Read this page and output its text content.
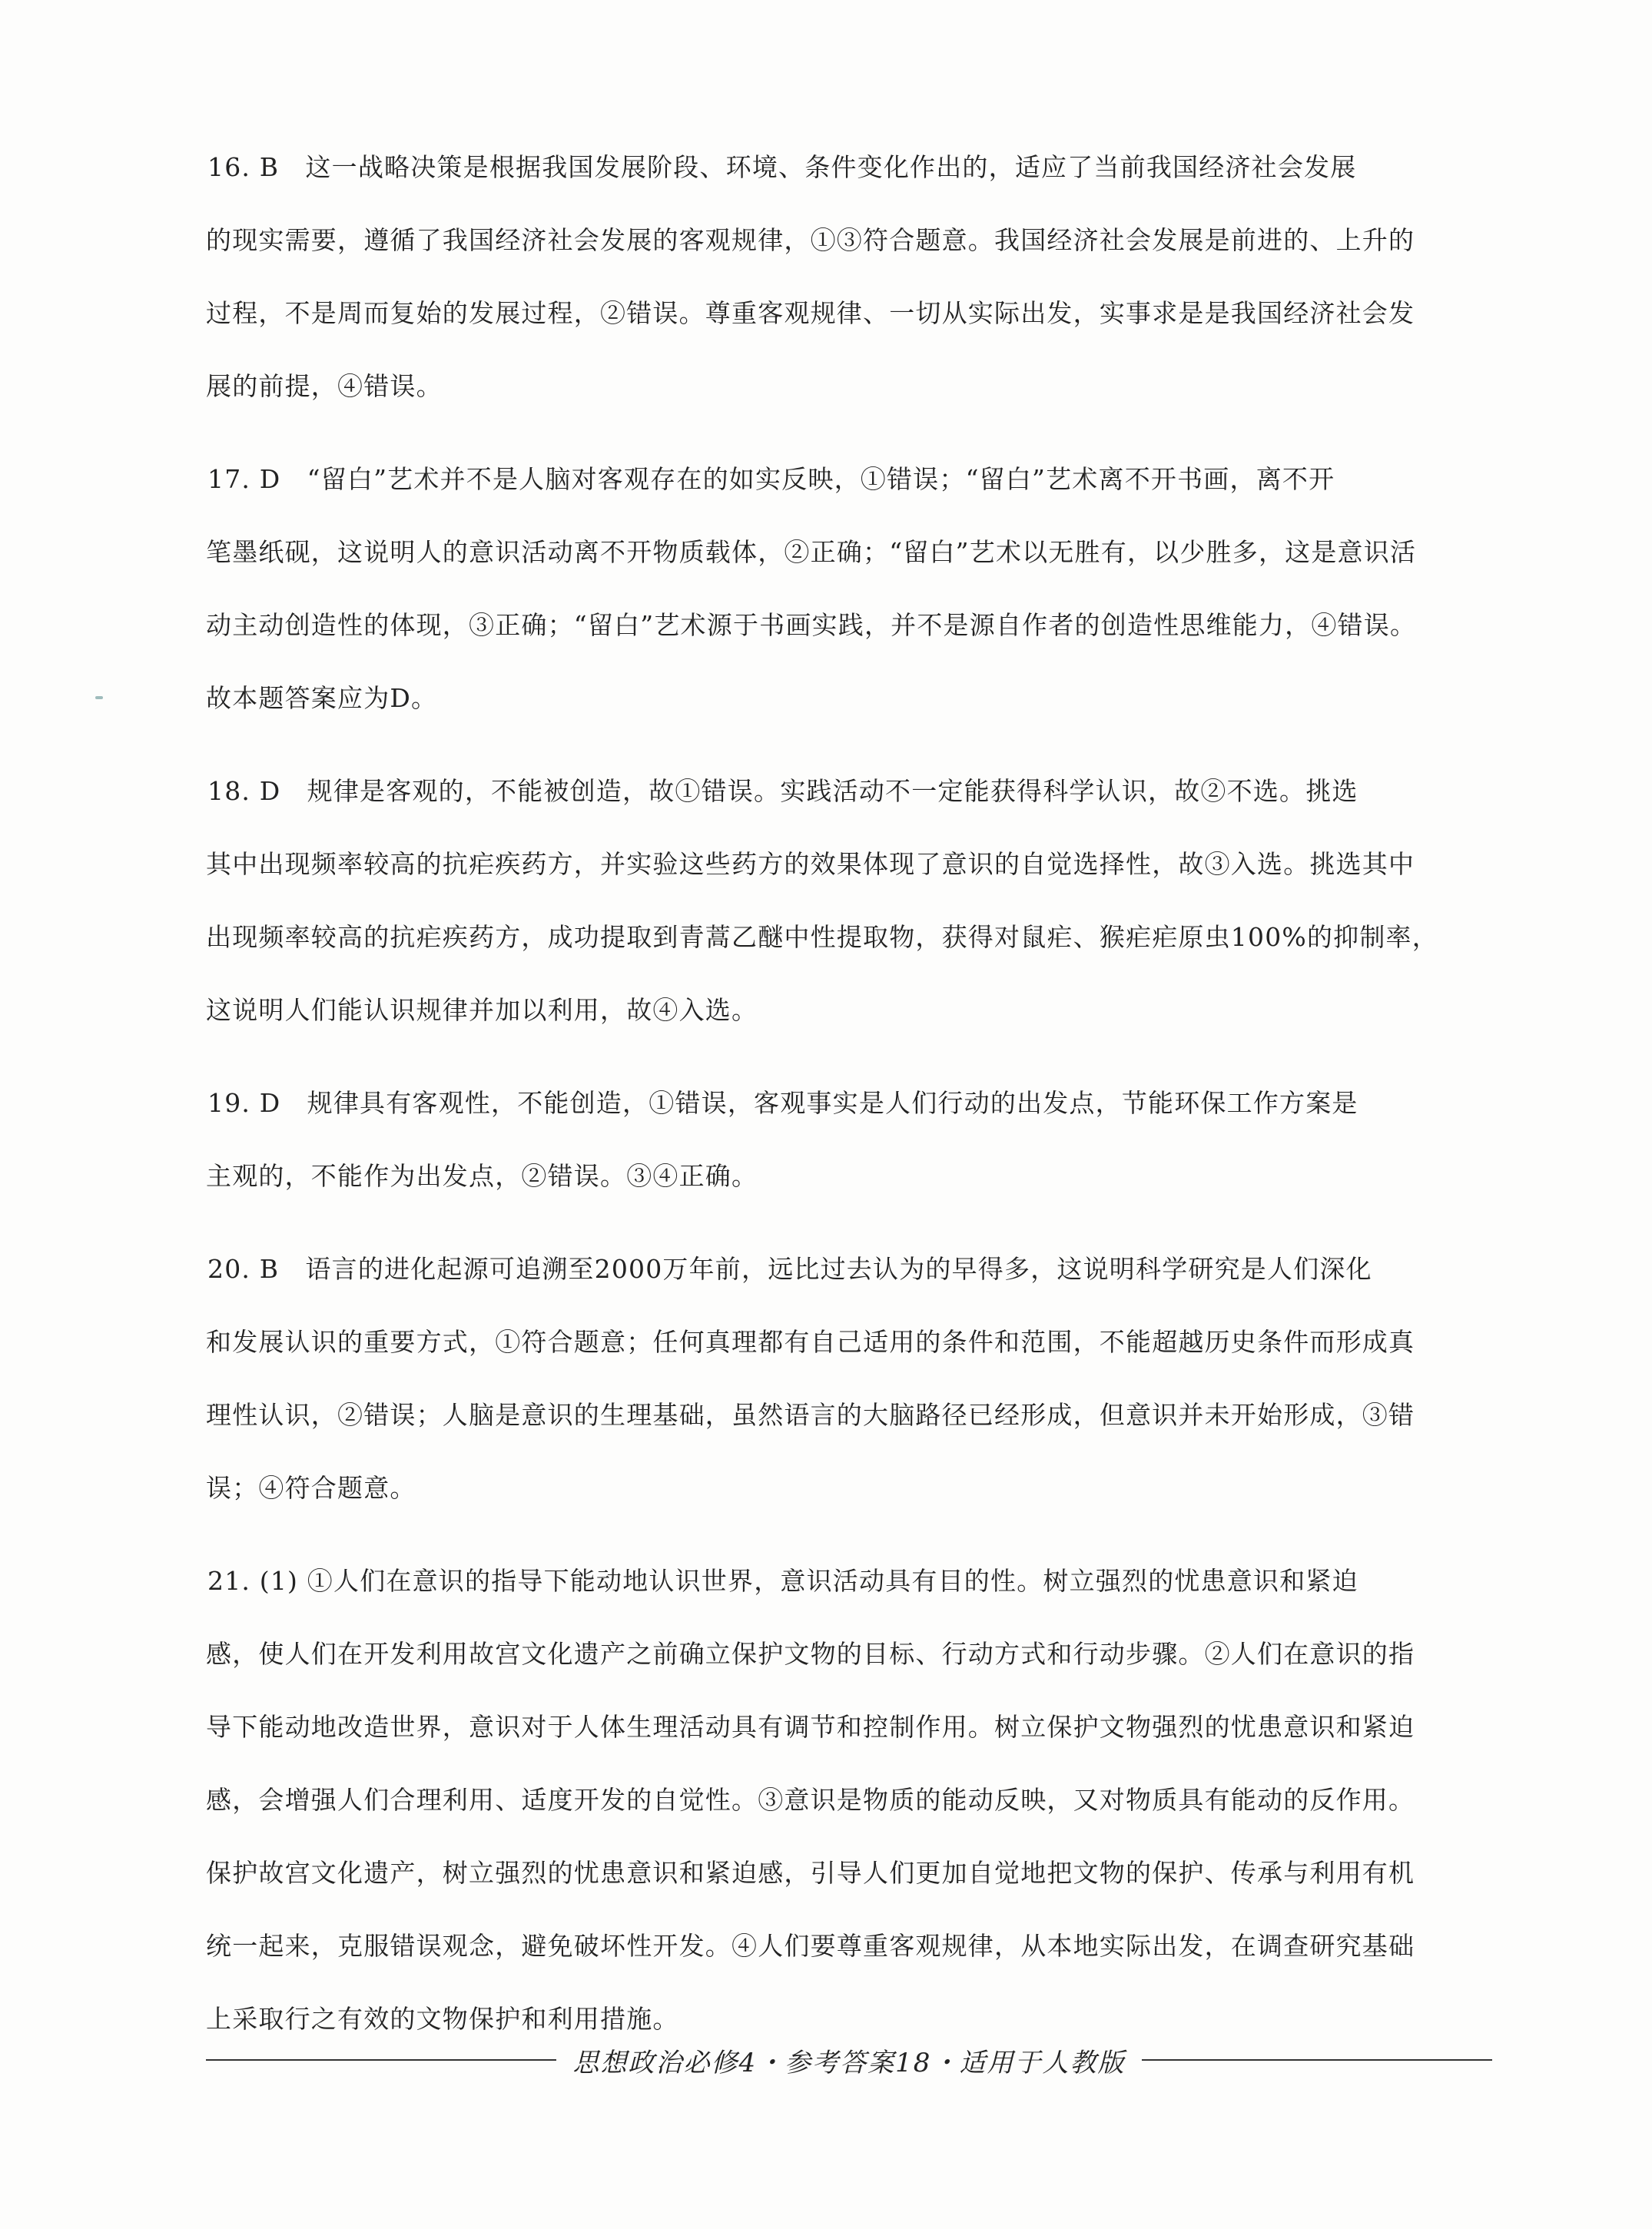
16. B　这一战略决策是根据我国发展阶段、环境、条件变化作出的，适应了当前我国经济社会发展
的现实需要，遵循了我国经济社会发展的客观规律，①③符合题意。我国经济社会发展是前进的、上升的
过程，不是周而复始的发展过程，②错误。尊重客观规律、一切从实际出发，实事求是是我国经济社会发
展的前提，④错误。

17. D　“留白”艺术并不是人脑对客观存在的如实反映，①错误；“留白”艺术离不开书画，离不开
笔墨纸砚，这说明人的意识活动离不开物质载体，②正确；“留白”艺术以无胜有，以少胜多，这是意识活
动主动创造性的体现，③正确；“留白”艺术源于书画实践，并不是源自作者的创造性思维能力，④错误。
故本题答案应为D。

18. D　规律是客观的，不能被创造，故①错误。实践活动不一定能获得科学认识，故②不选。挑选
其中出现频率较高的抗疟疾药方，并实验这些药方的效果体现了意识的自觉选择性，故③入选。挑选其中
出现频率较高的抗疟疾药方，成功提取到青蒿乙醚中性提取物，获得对鼠疟、猴疟疟原虫100%的抑制率，
这说明人们能认识规律并加以利用，故④入选。

19. D　规律具有客观性，不能创造，①错误，客观事实是人们行动的出发点，节能环保工作方案是
主观的，不能作为出发点，②错误。③④正确。

20. B　语言的进化起源可追溯至2000万年前，远比过去认为的早得多，这说明科学研究是人们深化
和发展认识的重要方式，①符合题意；任何真理都有自己适用的条件和范围，不能超越历史条件而形成真
理性认识，②错误；人脑是意识的生理基础，虽然语言的大脑路径已经形成，但意识并未开始形成，③错
误；④符合题意。

21. (1) ①人们在意识的指导下能动地认识世界，意识活动具有目的性。树立强烈的忧患意识和紧迫
感，使人们在开发利用故宫文化遗产之前确立保护文物的目标、行动方式和行动步骤。②人们在意识的指
导下能动地改造世界，意识对于人体生理活动具有调节和控制作用。树立保护文物强烈的忧患意识和紧迫
感，会增强人们合理利用、适度开发的自觉性。③意识是物质的能动反映，又对物质具有能动的反作用。
保护故宫文化遗产，树立强烈的忧患意识和紧迫感，引导人们更加自觉地把文物的保护、传承与利用有机
统一起来，克服错误观念，避免破坏性开发。④人们要尊重客观规律，从本地实际出发，在调查研究基础
上采取行之有效的文物保护和利用措施。

思想政治必修4・参考答案18・适用于人教版
